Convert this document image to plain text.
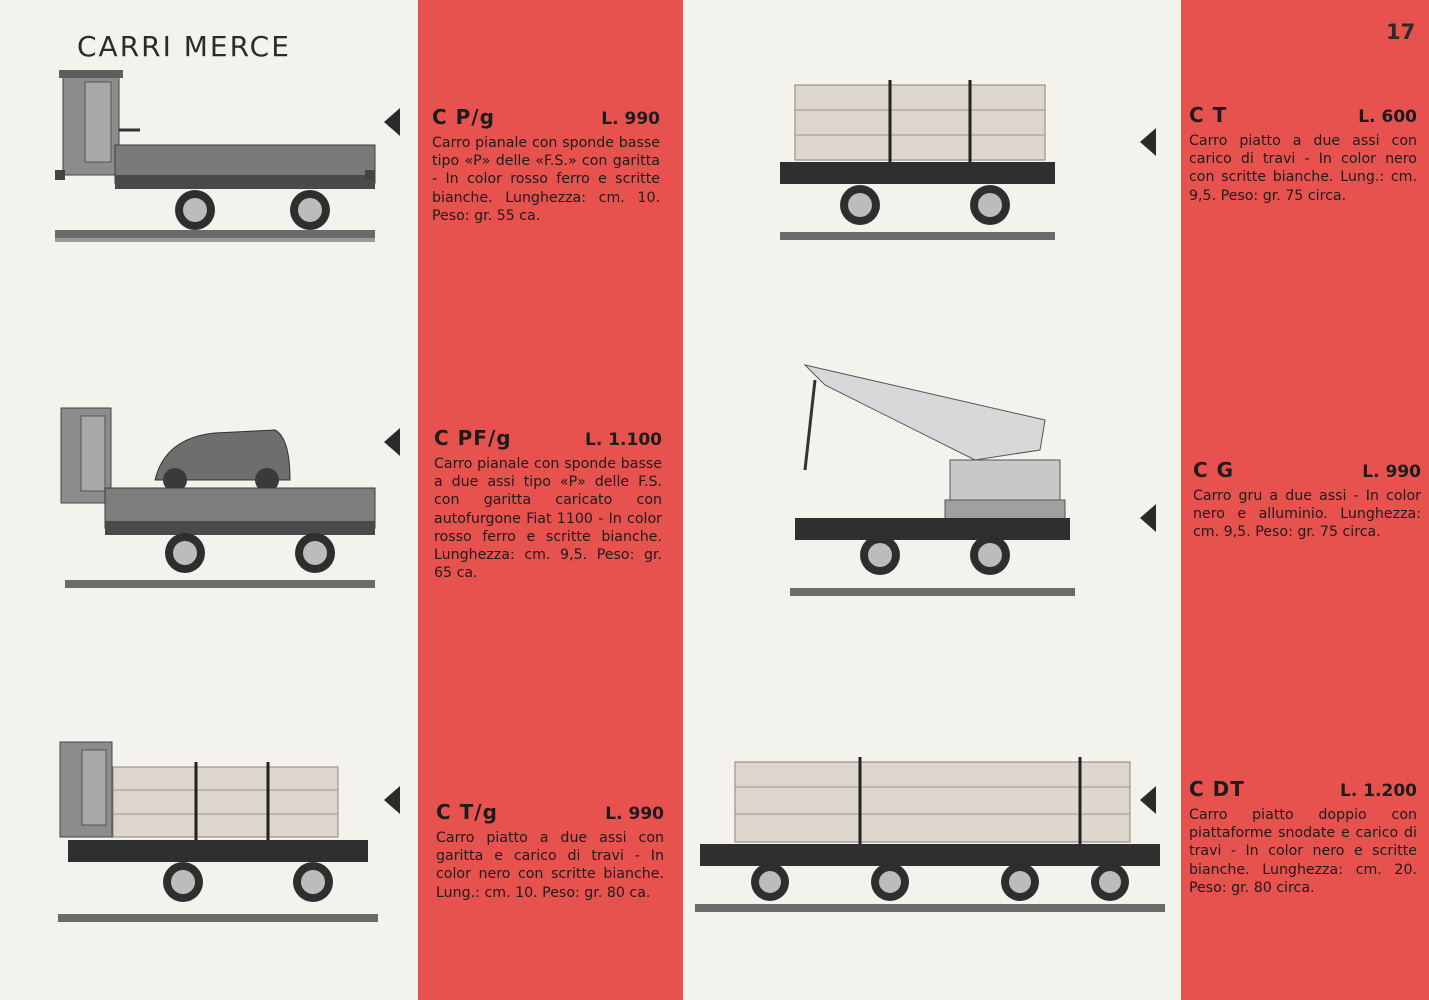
CARRI MERCE	17
C P/g	L. 990
Carro pianale con sponde basse tipo «P» delle «F.S.» con garitta - In color rosso ferro e scritte bianche. Lunghezza: cm. 10. Peso: gr. 55 ca.
C PF/g	L. 1.100
Carro pianale con sponde basse a due assi tipo «P» delle F.S. con garitta caricato con autofurgone Fiat 1100 - In color rosso ferro e scritte bianche. Lunghezza: cm. 9,5. Peso: gr. 65 ca.
C T/g	L. 990
Carro piatto a due assi con garitta e carico di travi - In color nero con scritte bianche. Lung.: cm. 10. Peso: gr. 80 ca.
C T	L. 600
Carro piatto a due assi con carico di travi - In color nero con scritte bianche. Lung.: cm. 9,5. Peso: gr. 75 circa.
C G	L. 990
Carro gru a due assi - In color nero e alluminio. Lunghezza: cm. 9,5. Peso: gr. 75 circa.
C DT	L. 1.200
Carro piatto doppio con piattaforme snodate e carico di travi - In color nero e scritte bianche. Lunghezza: cm. 20. Peso: gr. 80 circa.
